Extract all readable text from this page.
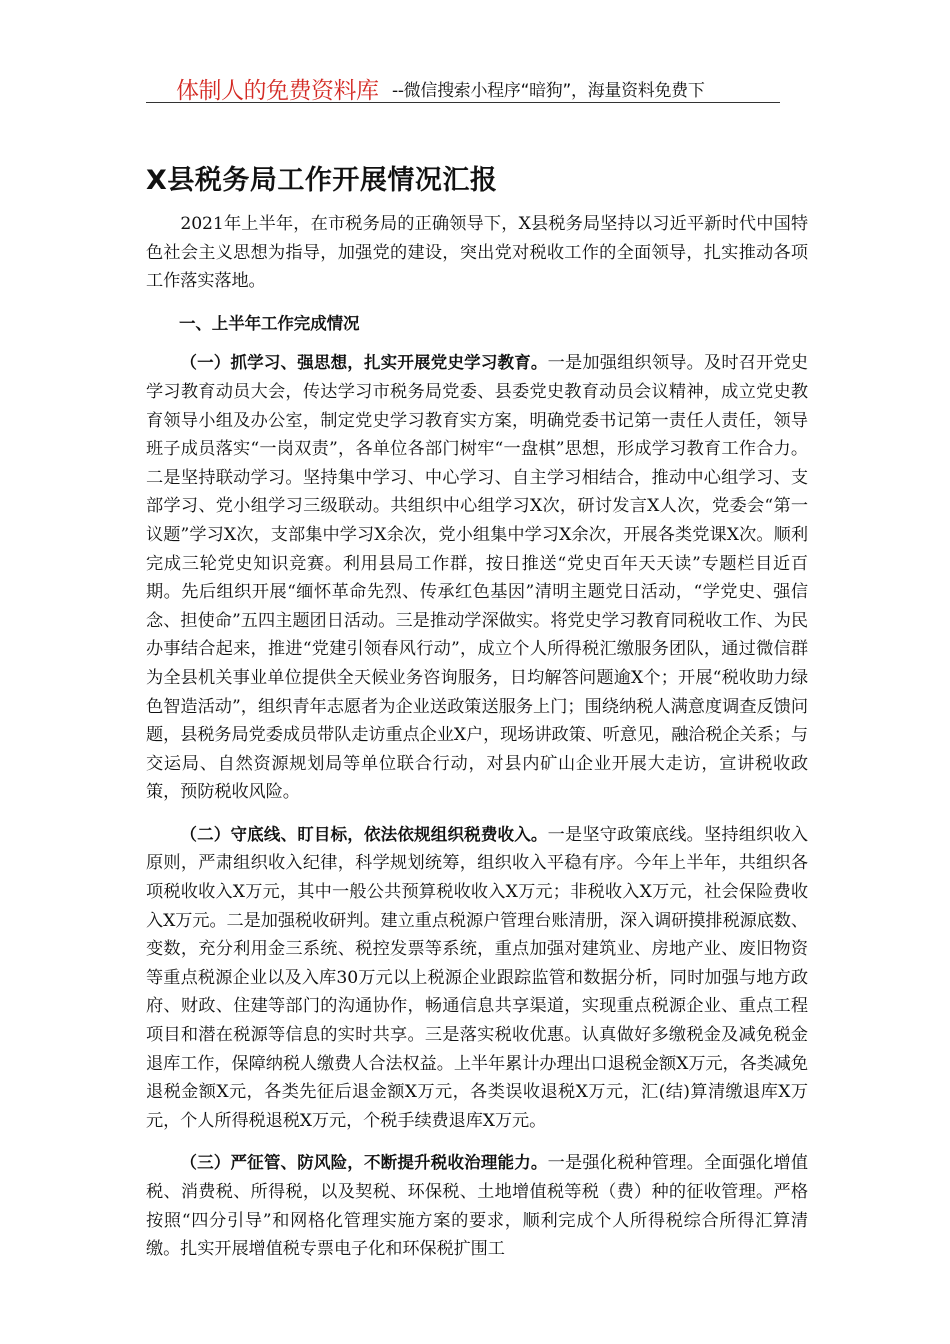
体制人的免费资料库 --微信搜索小程序“暗狗”，海量资料免费下
X县税务局工作开展情况汇报

2021年上半年，在市税务局的正确领导下，X县税务局坚持以习近平新时代中国特色社会主义思想为指导，加强党的建设，突出党对税收工作的全面领导，扎实推动各项工作落实落地。

一、上半年工作完成情况

（一）抓学习、强思想，扎实开展党史学习教育。一是加强组织领导。及时召开党史学习教育动员大会，传达学习市税务局党委、县委党史教育动员会议精神，成立党史教育领导小组及办公室，制定党史学习教育实方案，明确党委书记第一责任人责任，领导班子成员落实“一岗双责”，各单位各部门树牢“一盘棋”思想，形成学习教育工作合力。二是坚持联动学习。坚持集中学习、中心学习、自主学习相结合，推动中心组学习、支部学习、党小组学习三级联动。共组织中心组学习X次，研讨发言X人次，党委会“第一议题”学习X次，支部集中学习X余次，党小组集中学习X余次，开展各类党课X次。顺利完成三轮党史知识竞赛。利用县局工作群，按日推送“党史百年天天读”专题栏目近百期。先后组织开展“缅怀革命先烈、传承红色基因”清明主题党日活动，“学党史、强信念、担使命”五四主题团日活动。三是推动学深做实。将党史学习教育同税收工作、为民办事结合起来，推进“党建引领春风行动”，成立个人所得税汇缴服务团队，通过微信群为全县机关事业单位提供全天候业务咨询服务，日均解答问题逾X个；开展“税收助力绿色智造活动”，组织青年志愿者为企业送政策送服务上门；围绕纳税人满意度调查反馈问题，县税务局党委成员带队走访重点企业X户，现场讲政策、听意见，融洽税企关系；与交运局、自然资源规划局等单位联合行动，对县内矿山企业开展大走访，宣讲税收政策，预防税收风险。

（二）守底线、盯目标，依法依规组织税费收入。一是坚守政策底线。坚持组织收入原则，严肃组织收入纪律，科学规划统筹，组织收入平稳有序。今年上半年，共组织各项税收收入X万元，其中一般公共预算税收收入X万元；非税收入X万元，社会保险费收入X万元。二是加强税收研判。建立重点税源户管理台账清册，深入调研摸排税源底数、变数，充分利用金三系统、税控发票等系统，重点加强对建筑业、房地产业、废旧物资等重点税源企业以及入库30万元以上税源企业跟踪监管和数据分析，同时加强与地方政府、财政、住建等部门的沟通协作，畅通信息共享渠道，实现重点税源企业、重点工程项目和潜在税源等信息的实时共享。三是落实税收优惠。认真做好多缴税金及减免税金退库工作，保障纳税人缴费人合法权益。上半年累计办理出口退税金额X万元，各类减免退税金额X元，各类先征后退金额X万元，各类误收退税X万元，汇(结)算清缴退库X万元，个人所得税退税X万元，个税手续费退库X万元。

（三）严征管、防风险，不断提升税收治理能力。一是强化税种管理。全面强化增值税、消费税、所得税，以及契税、环保税、土地增值税等税（费）种的征收管理。严格按照“四分引导”和网格化管理实施方案的要求，顺利完成个人所得税综合所得汇算清缴。扎实开展增值税专票电子化和环保税扩围工
